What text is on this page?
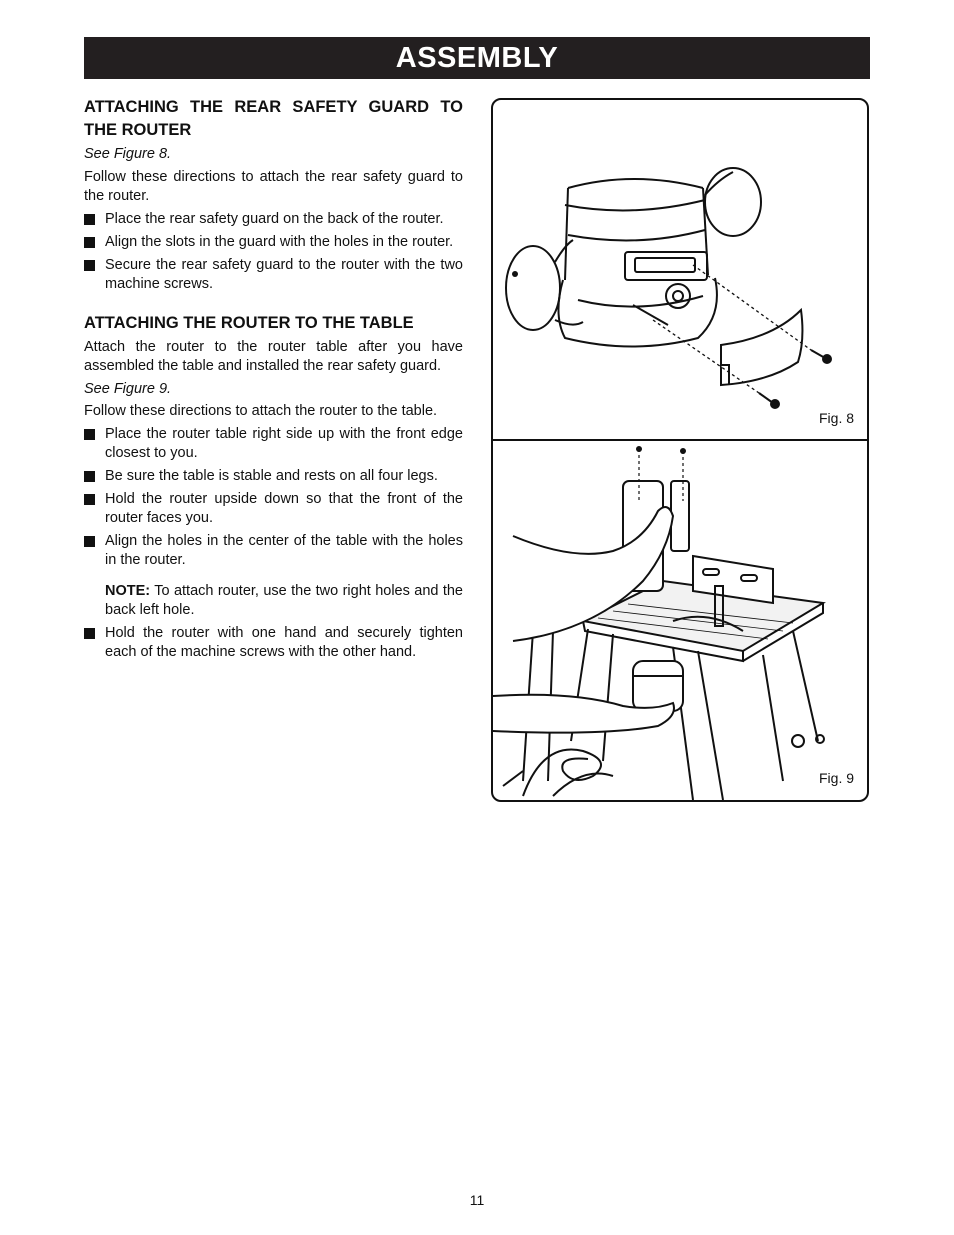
ASSEMBLY
ATTACHING THE REAR SAFETY GUARD TO THE ROUTER

See Figure 8.

Follow these directions to attach the rear safety guard to the router.

Place the rear safety guard on the back of the router.
Align the slots in the guard with the holes in the router.
Secure the rear safety guard to the router with the two machine screws.
ATTACHING THE ROUTER TO THE TABLE

Attach the router to the router table after you have assembled the table and installed the rear safety guard.

See Figure 9.

Follow these directions to attach the router to the table.

Place the router table right side up with the front edge closest to you.
Be sure the table is stable and rests on all four legs.
Hold the router upside down so that the front of the router faces you.
Align the holes in the center of the table with the holes in the router.
NOTE: To attach router, use the two right holes and the back left hole.
Hold the router with one hand and securely tighten each of the machine screws with the other hand.
Fig. 8
Fig. 9
11
